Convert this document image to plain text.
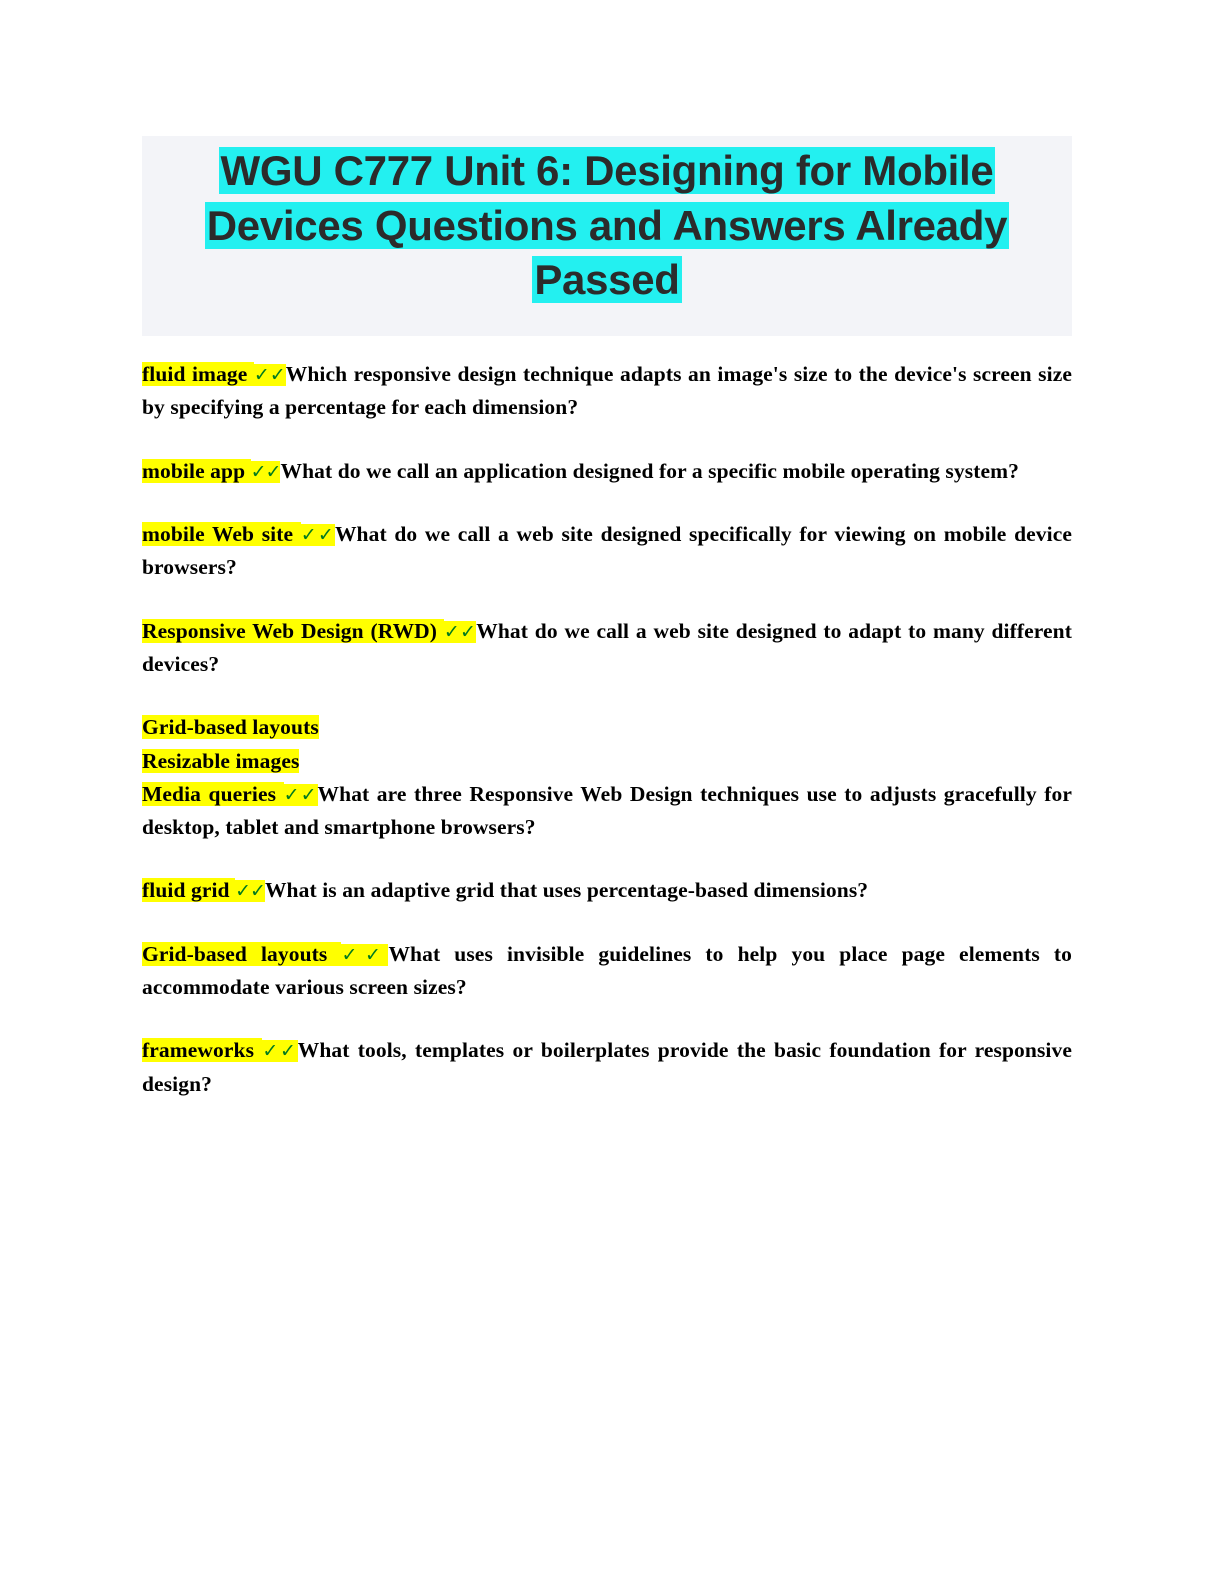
WGU C777 Unit 6: Designing for Mobile Devices Questions and Answers Already Passed

fluid image ✓✓Which responsive design technique adapts an image's size to the device's screen size by specifying a percentage for each dimension?

mobile app ✓✓What do we call an application designed for a specific mobile operating system?

mobile Web site ✓✓What do we call a web site designed specifically for viewing on mobile device browsers?

Responsive Web Design (RWD) ✓✓What do we call a web site designed to adapt to many different devices?

Grid-based layouts
Resizable images
Media queries ✓✓What are three Responsive Web Design techniques use to adjusts gracefully for desktop, tablet and smartphone browsers?

fluid grid ✓✓What is an adaptive grid that uses percentage-based dimensions?

Grid-based layouts ✓✓What uses invisible guidelines to help you place page elements to accommodate various screen sizes?

frameworks ✓✓What tools, templates or boilerplates provide the basic foundation for responsive design?
